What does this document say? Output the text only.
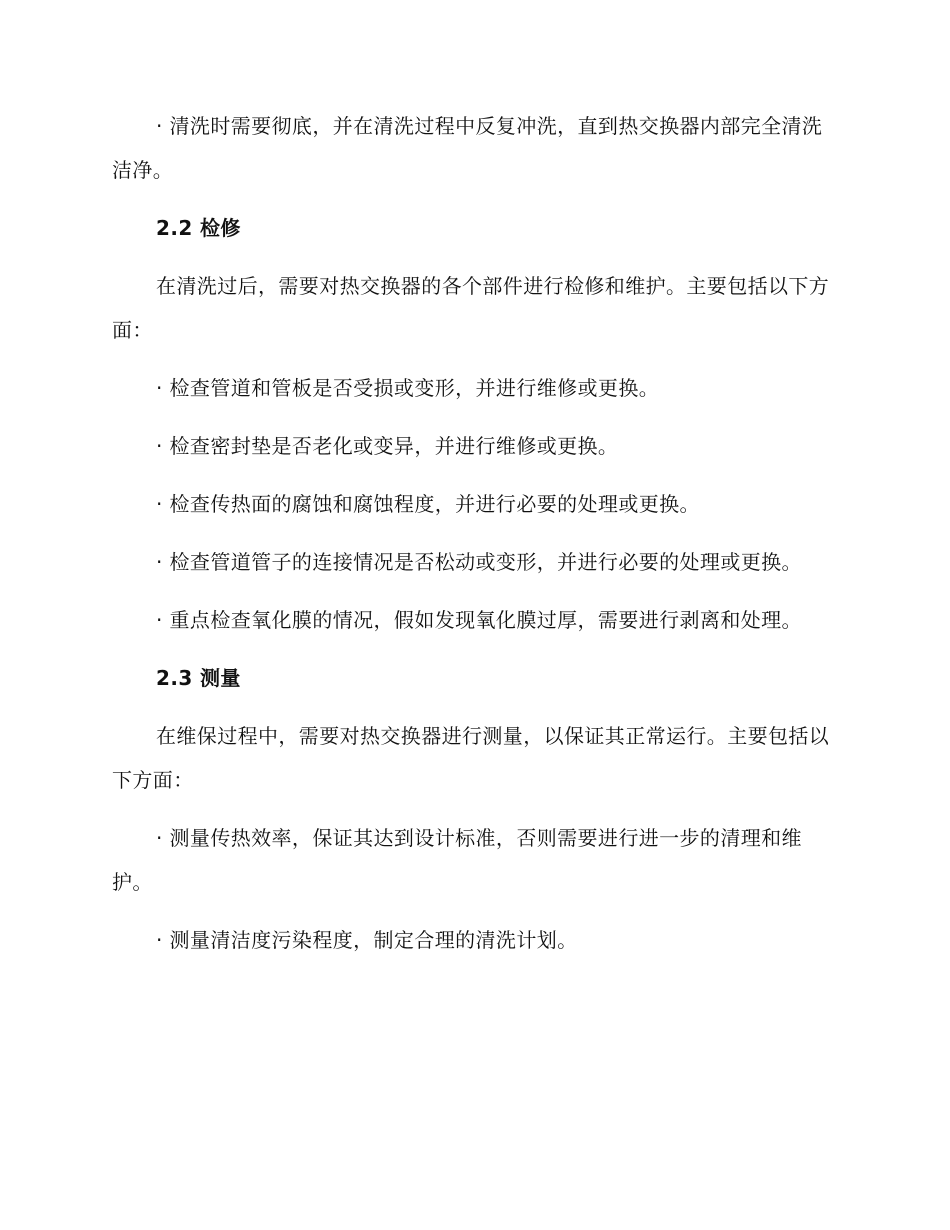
· 清洗时需要彻底，并在清洗过程中反复冲洗，直到热交换器内部完全清洗洁净。

2.2 检修

在清洗过后，需要对热交换器的各个部件进行检修和维护。主要包括以下方面：

· 检查管道和管板是否受损或变形，并进行维修或更换。

· 检查密封垫是否老化或变异，并进行维修或更换。

· 检查传热面的腐蚀和腐蚀程度，并进行必要的处理或更换。

· 检查管道管子的连接情况是否松动或变形，并进行必要的处理或更换。

· 重点检查氧化膜的情况，假如发现氧化膜过厚，需要进行剥离和处理。

2.3 测量

在维保过程中，需要对热交换器进行测量，以保证其正常运行。主要包括以下方面：

· 测量传热效率，保证其达到设计标准，否则需要进行进一步的清理和维护。

· 测量清洁度污染程度，制定合理的清洗计划。
